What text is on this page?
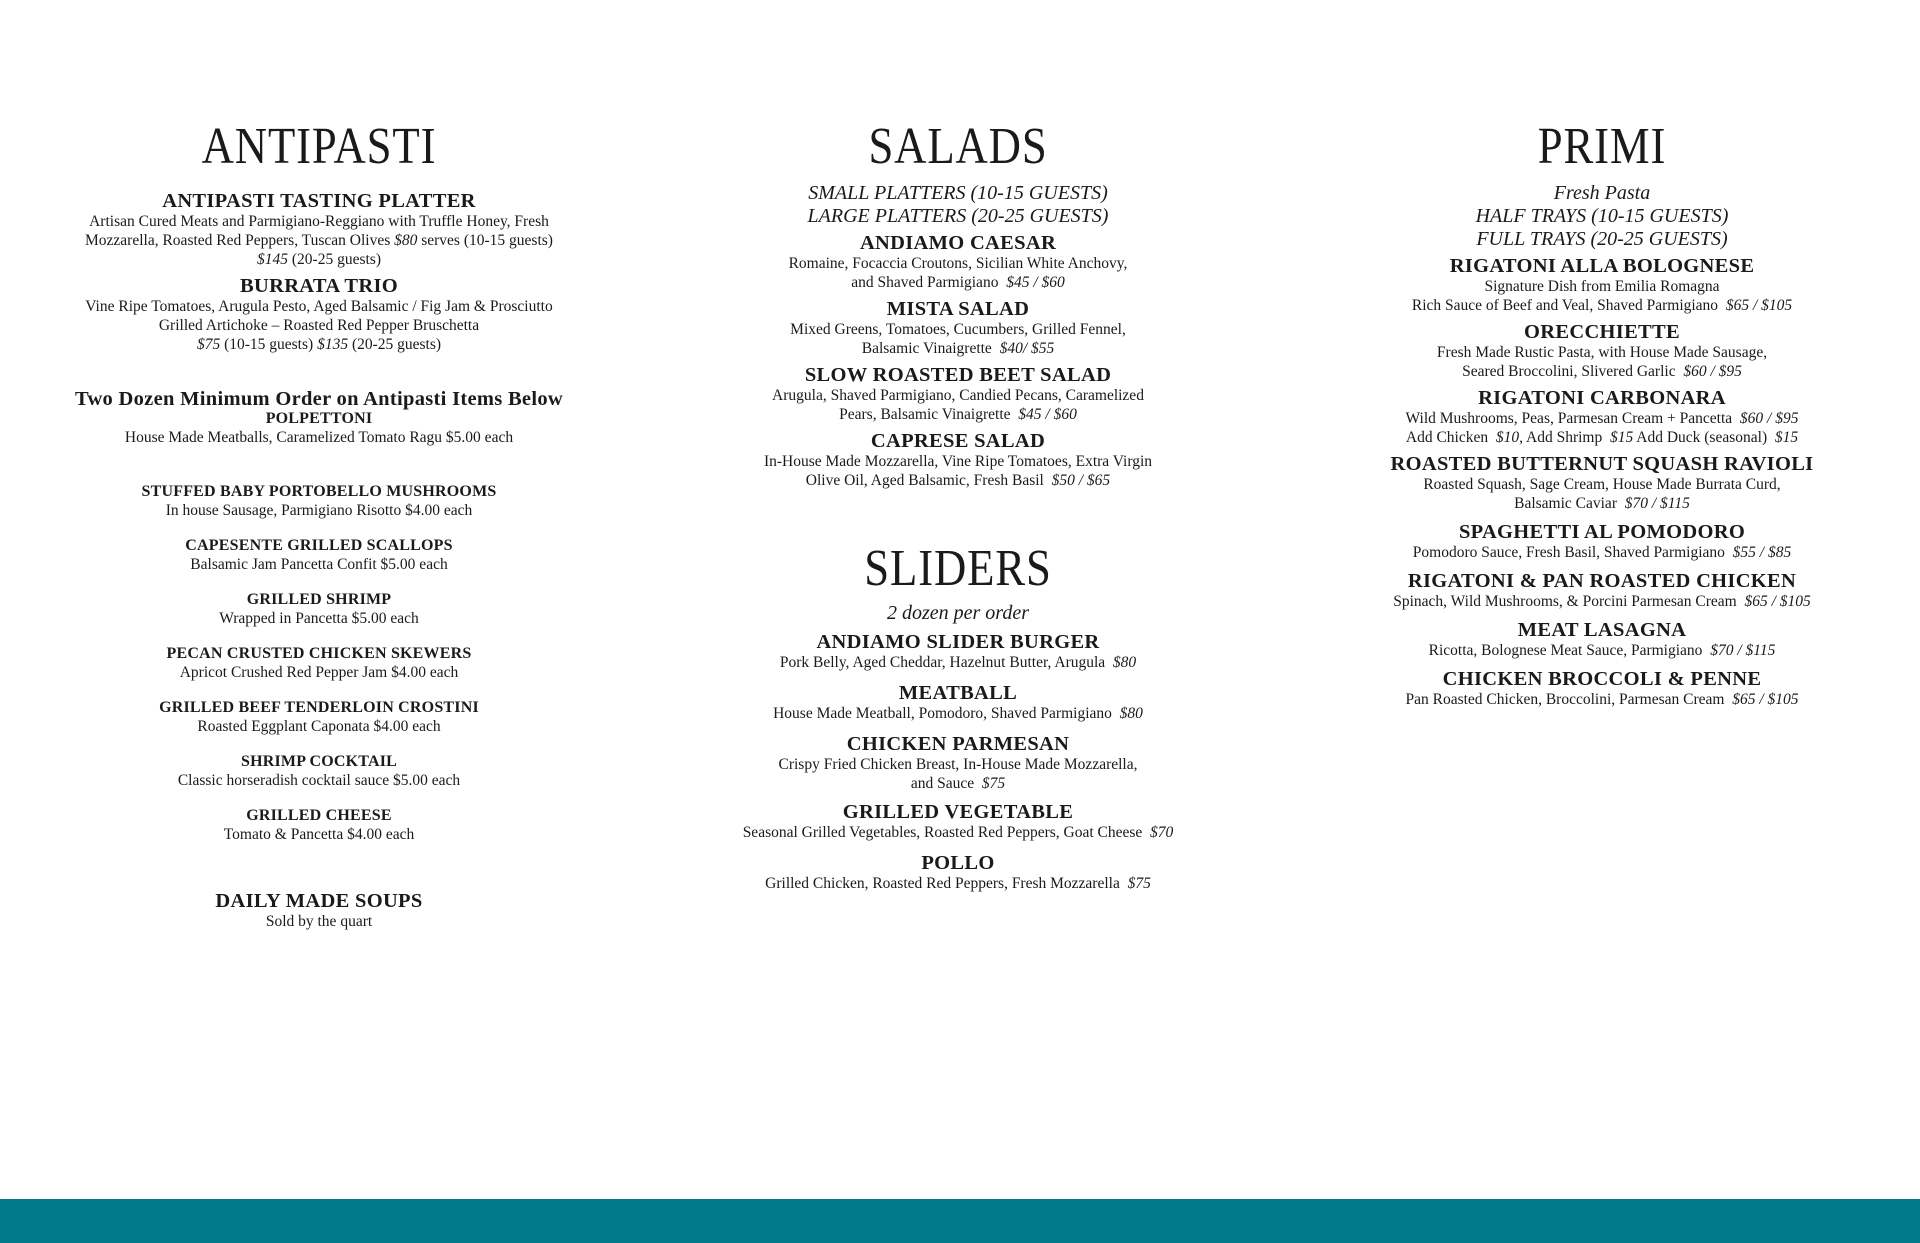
ANTIPASTI
ANTIPASTI TASTING PLATTER
Artisan Cured Meats and Parmigiano-Reggiano with Truffle Honey, Fresh
Mozzarella, Roasted Red Peppers, Tuscan Olives $80 serves (10-15 guests)
$145 (20-25 guests)
BURRATA TRIO
Vine Ripe Tomatoes, Arugula Pesto, Aged Balsamic / Fig Jam & Prosciutto
Grilled Artichoke – Roasted Red Pepper Bruschetta
$75 (10-15 guests) $135 (20-25 guests)
Two Dozen Minimum Order on Antipasti Items Below
POLPETTONI
House Made Meatballs, Caramelized Tomato Ragu $5.00 each
STUFFED BABY PORTOBELLO MUSHROOMS
In house Sausage, Parmigiano Risotto $4.00 each
CAPESENTE GRILLED SCALLOPS
Balsamic Jam Pancetta Confit $5.00 each
GRILLED SHRIMP
Wrapped in Pancetta $5.00 each
PECAN CRUSTED CHICKEN SKEWERS
Apricot Crushed Red Pepper Jam $4.00 each
GRILLED BEEF TENDERLOIN CROSTINI
Roasted Eggplant Caponata $4.00 each
SHRIMP COCKTAIL
Classic horseradish cocktail sauce $5.00 each
GRILLED CHEESE
Tomato & Pancetta $4.00 each
DAILY MADE SOUPS
Sold by the quart
SALADS
SMALL PLATTERS (10-15 GUESTS)
LARGE PLATTERS (20-25 GUESTS)
ANDIAMO CAESAR
Romaine, Focaccia Croutons, Sicilian White Anchovy,
and Shaved Parmigiano $45 / $60
MISTA SALAD
Mixed Greens, Tomatoes, Cucumbers, Grilled Fennel,
Balsamic Vinaigrette $40/ $55
SLOW ROASTED BEET SALAD
Arugula, Shaved Parmigiano, Candied Pecans, Caramelized
Pears, Balsamic Vinaigrette $45 / $60
CAPRESE SALAD
In-House Made Mozzarella, Vine Ripe Tomatoes, Extra Virgin
Olive Oil, Aged Balsamic, Fresh Basil $50 / $65
SLIDERS
2 dozen per order
ANDIAMO SLIDER BURGER
Pork Belly, Aged Cheddar, Hazelnut Butter, Arugula $80
MEATBALL
House Made Meatball, Pomodoro, Shaved Parmigiano $80
CHICKEN PARMESAN
Crispy Fried Chicken Breast, In-House Made Mozzarella,
and Sauce $75
GRILLED VEGETABLE
Seasonal Grilled Vegetables, Roasted Red Peppers, Goat Cheese $70
POLLO
Grilled Chicken, Roasted Red Peppers, Fresh Mozzarella $75
PRIMI
Fresh Pasta
HALF TRAYS (10-15 GUESTS)
FULL TRAYS (20-25 GUESTS)
RIGATONI ALLA BOLOGNESE
Signature Dish from Emilia Romagna
Rich Sauce of Beef and Veal, Shaved Parmigiano $65 / $105
ORECCHIETTE
Fresh Made Rustic Pasta, with House Made Sausage,
Seared Broccolini, Slivered Garlic $60 / $95
RIGATONI CARBONARA
Wild Mushrooms, Peas, Parmesan Cream + Pancetta $60 / $95
Add Chicken $10, Add Shrimp  $15 Add Duck (seasonal)  $15
ROASTED BUTTERNUT SQUASH RAVIOLI
Roasted Squash, Sage Cream, House Made Burrata Curd,
Balsamic Caviar $70 / $115
SPAGHETTI AL POMODORO
Pomodoro Sauce, Fresh Basil, Shaved Parmigiano $55 / $85
RIGATONI & PAN ROASTED CHICKEN
Spinach, Wild Mushrooms, & Porcini Parmesan Cream $65 / $105
MEAT LASAGNA
Ricotta, Bolognese Meat Sauce, Parmigiano $70 / $115
CHICKEN BROCCOLI & PENNE
Pan Roasted Chicken, Broccolini, Parmesan Cream $65 / $105
